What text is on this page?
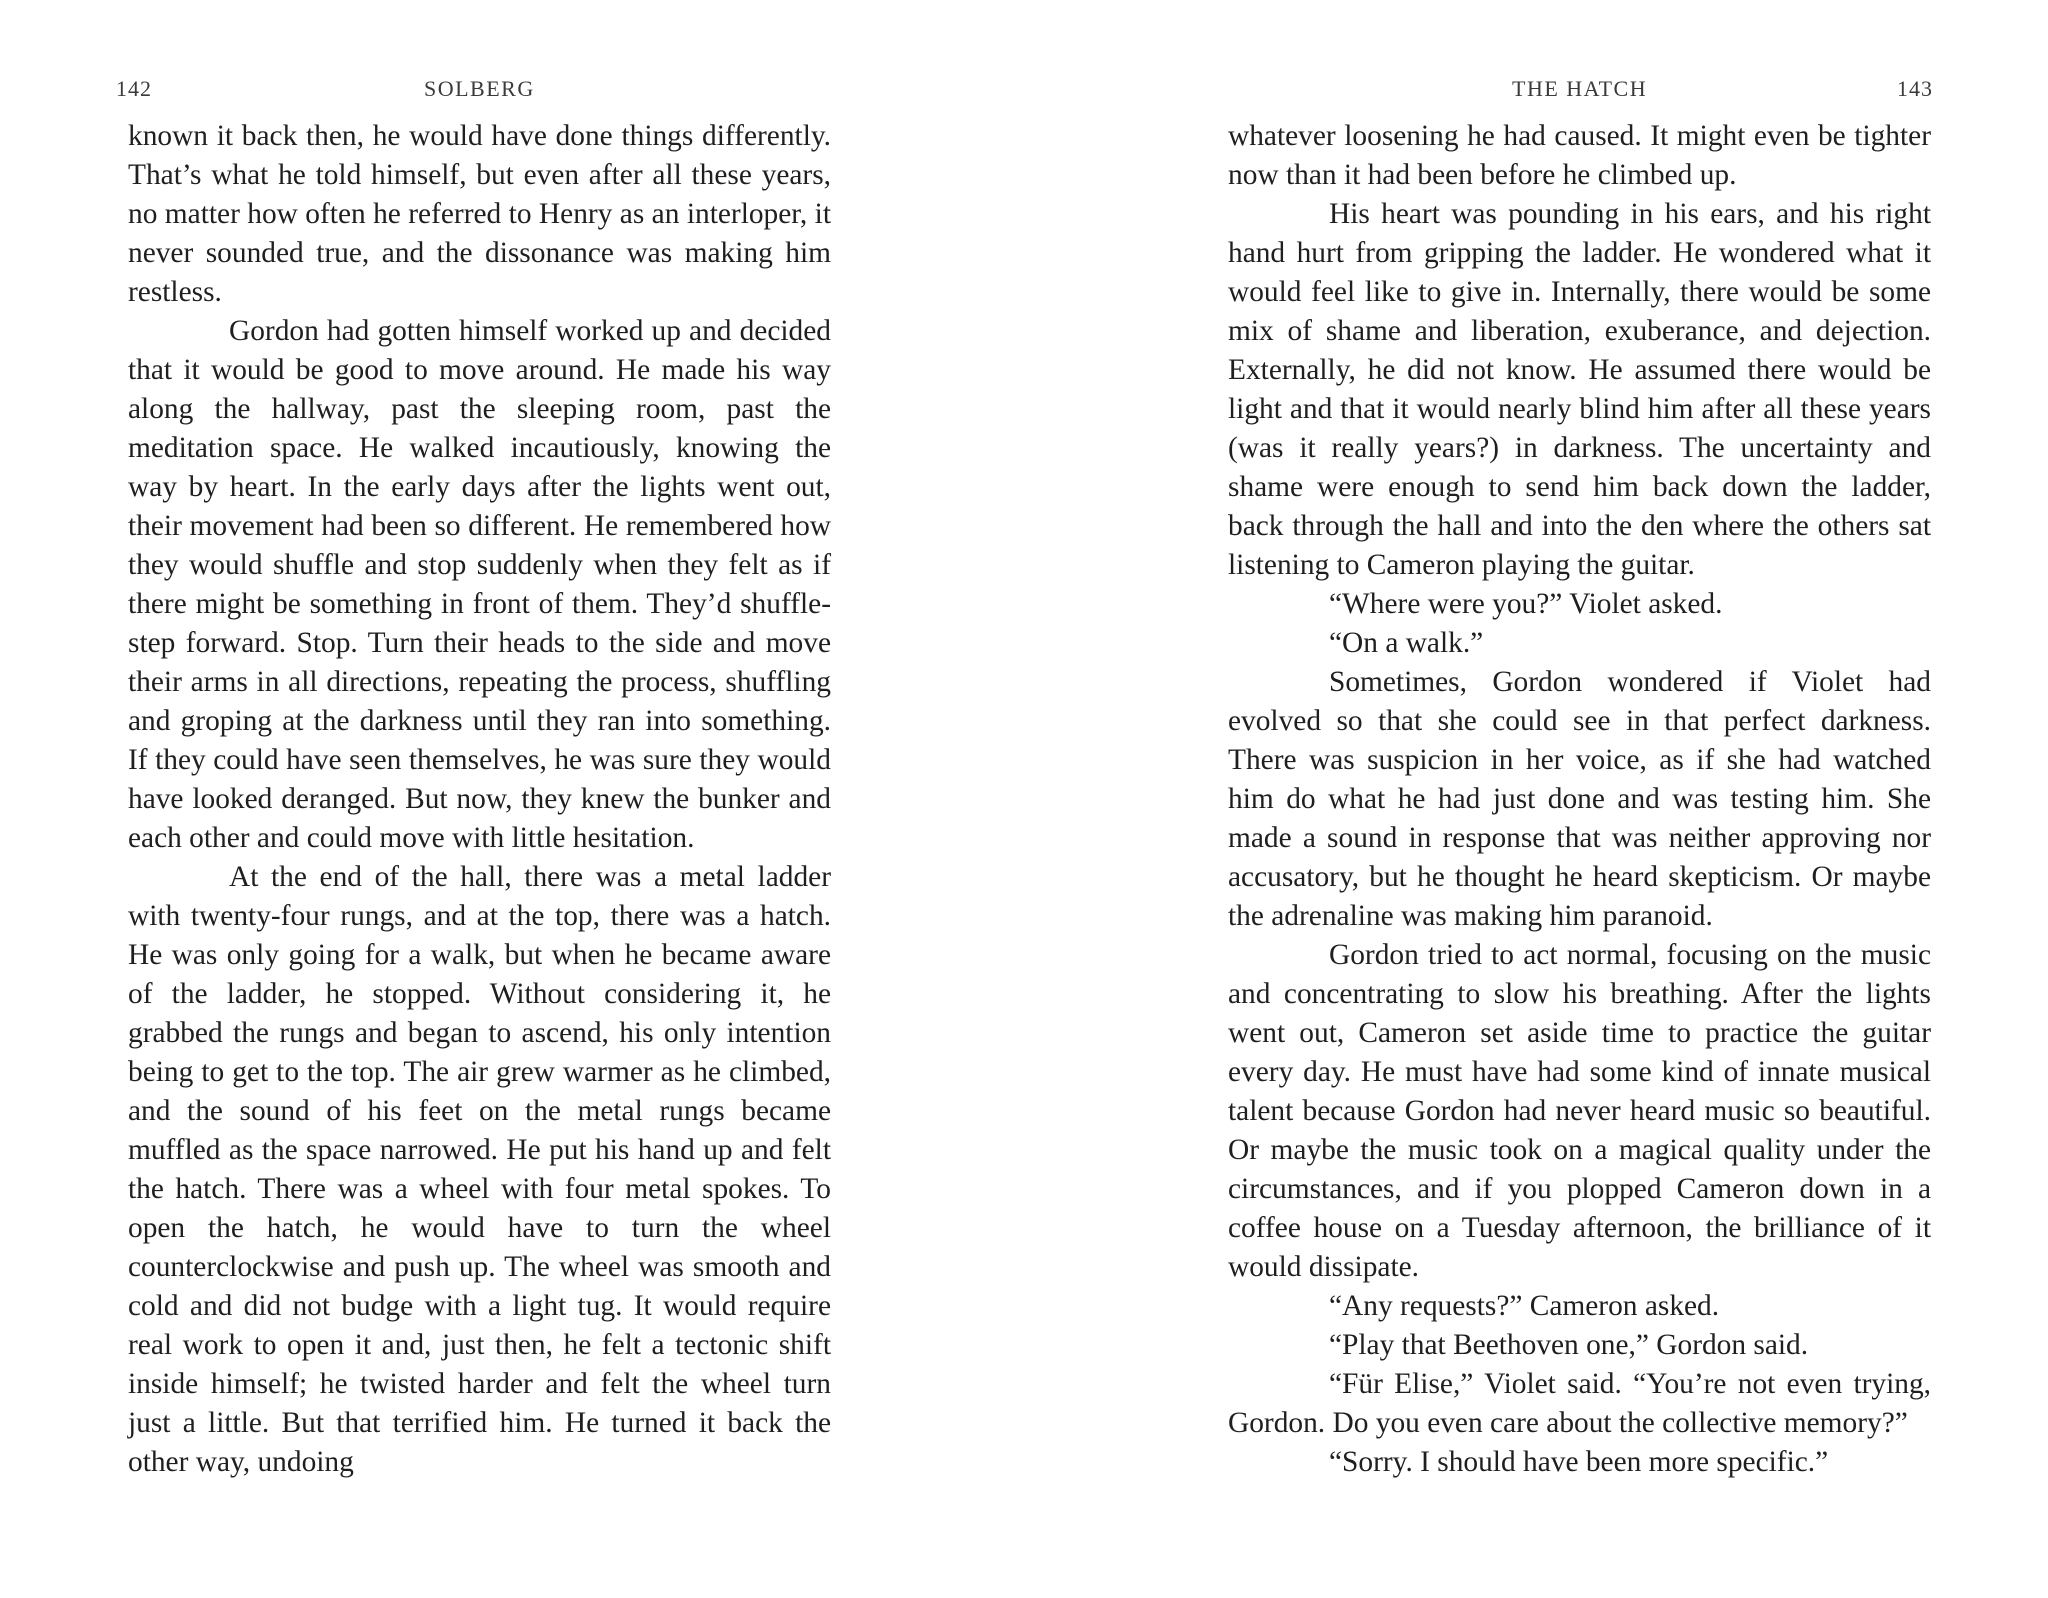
142	SOLBERG

known it back then, he would have done things differently. That’s what he told himself, but even after all these years, no matter how often he referred to Henry as an interloper, it never sounded true, and the dissonance was making him restless.

Gordon had gotten himself worked up and decided that it would be good to move around. He made his way along the hallway, past the sleeping room, past the meditation space. He walked incautiously, knowing the way by heart. In the early days after the lights went out, their movement had been so different. He remembered how they would shuffle and stop suddenly when they felt as if there might be something in front of them. They’d shuffle-step forward. Stop. Turn their heads to the side and move their arms in all directions, repeating the process, shuffling and groping at the darkness until they ran into something. If they could have seen themselves, he was sure they would have looked deranged. But now, they knew the bunker and each other and could move with little hesitation.

At the end of the hall, there was a metal ladder with twenty-four rungs, and at the top, there was a hatch. He was only going for a walk, but when he became aware of the ladder, he stopped. Without considering it, he grabbed the rungs and began to ascend, his only intention being to get to the top. The air grew warmer as he climbed, and the sound of his feet on the metal rungs became muffled as the space narrowed. He put his hand up and felt the hatch. There was a wheel with four metal spokes. To open the hatch, he would have to turn the wheel counterclockwise and push up. The wheel was smooth and cold and did not budge with a light tug. It would require real work to open it and, just then, he felt a tectonic shift inside himself; he twisted harder and felt the wheel turn just a little. But that terrified him. He turned it back the other way, undoing

THE HATCH	143

whatever loosening he had caused. It might even be tighter now than it had been before he climbed up.

His heart was pounding in his ears, and his right hand hurt from gripping the ladder. He wondered what it would feel like to give in. Internally, there would be some mix of shame and liberation, exuberance, and dejection. Externally, he did not know. He assumed there would be light and that it would nearly blind him after all these years (was it really years?) in darkness. The uncertainty and shame were enough to send him back down the ladder, back through the hall and into the den where the others sat listening to Cameron playing the guitar.

“Where were you?” Violet asked.

“On a walk.”

Sometimes, Gordon wondered if Violet had evolved so that she could see in that perfect darkness. There was suspicion in her voice, as if she had watched him do what he had just done and was testing him. She made a sound in response that was neither approving nor accusatory, but he thought he heard skepticism. Or maybe the adrenaline was making him paranoid.

Gordon tried to act normal, focusing on the music and concentrating to slow his breathing. After the lights went out, Cameron set aside time to practice the guitar every day. He must have had some kind of innate musical talent because Gordon had never heard music so beautiful. Or maybe the music took on a magical quality under the circumstances, and if you plopped Cameron down in a coffee house on a Tuesday afternoon, the brilliance of it would dissipate.

“Any requests?” Cameron asked.

“Play that Beethoven one,” Gordon said.

“Für Elise,” Violet said. “You’re not even trying, Gordon. Do you even care about the collective memory?”

“Sorry. I should have been more specific.”
